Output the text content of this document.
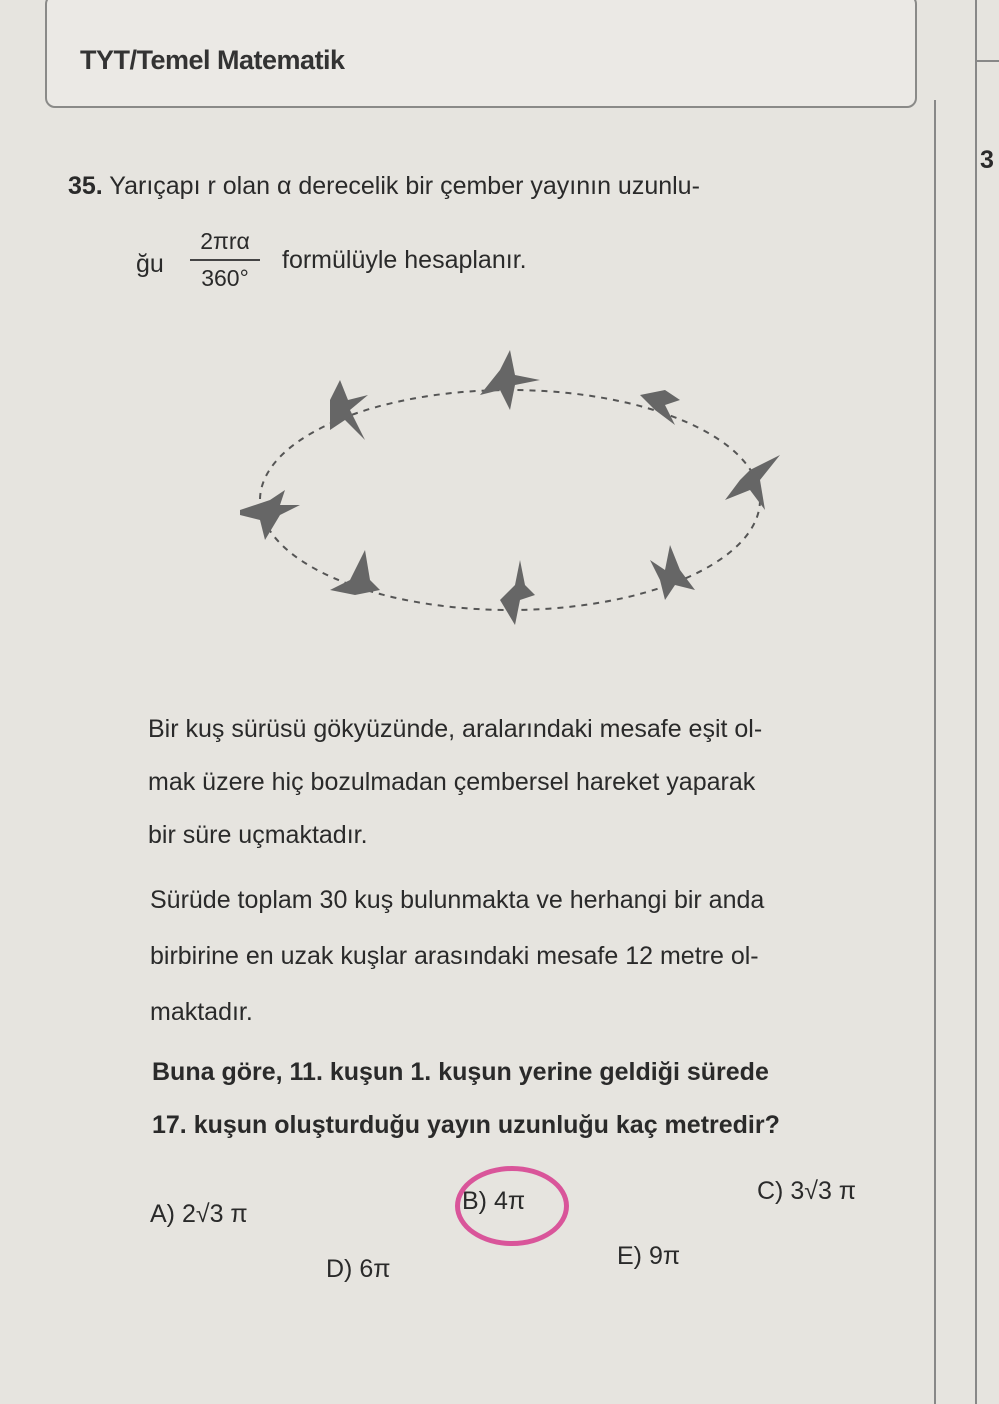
TYT/Temel Matematik
3
35. Yarıçapı r olan α derecelik bir çember yayının uzunlu-
ğu
2πrα
360°
formülüyle hesaplanır.
Bir kuş sürüsü gökyüzünde, aralarındaki mesafe eşit ol-
mak üzere hiç bozulmadan çembersel hareket yaparak
bir süre uçmaktadır.
Sürüde toplam 30 kuş bulunmakta ve herhangi bir anda
birbirine en uzak kuşlar arasındaki mesafe 12 metre ol-
maktadır.
Buna göre, 11. kuşun 1. kuşun yerine geldiği sürede
17. kuşun oluşturduğu yayın uzunluğu kaç metredir?
A) 2√3 π	B) 4π	C) 3√3 π
D) 6π	E) 9π
